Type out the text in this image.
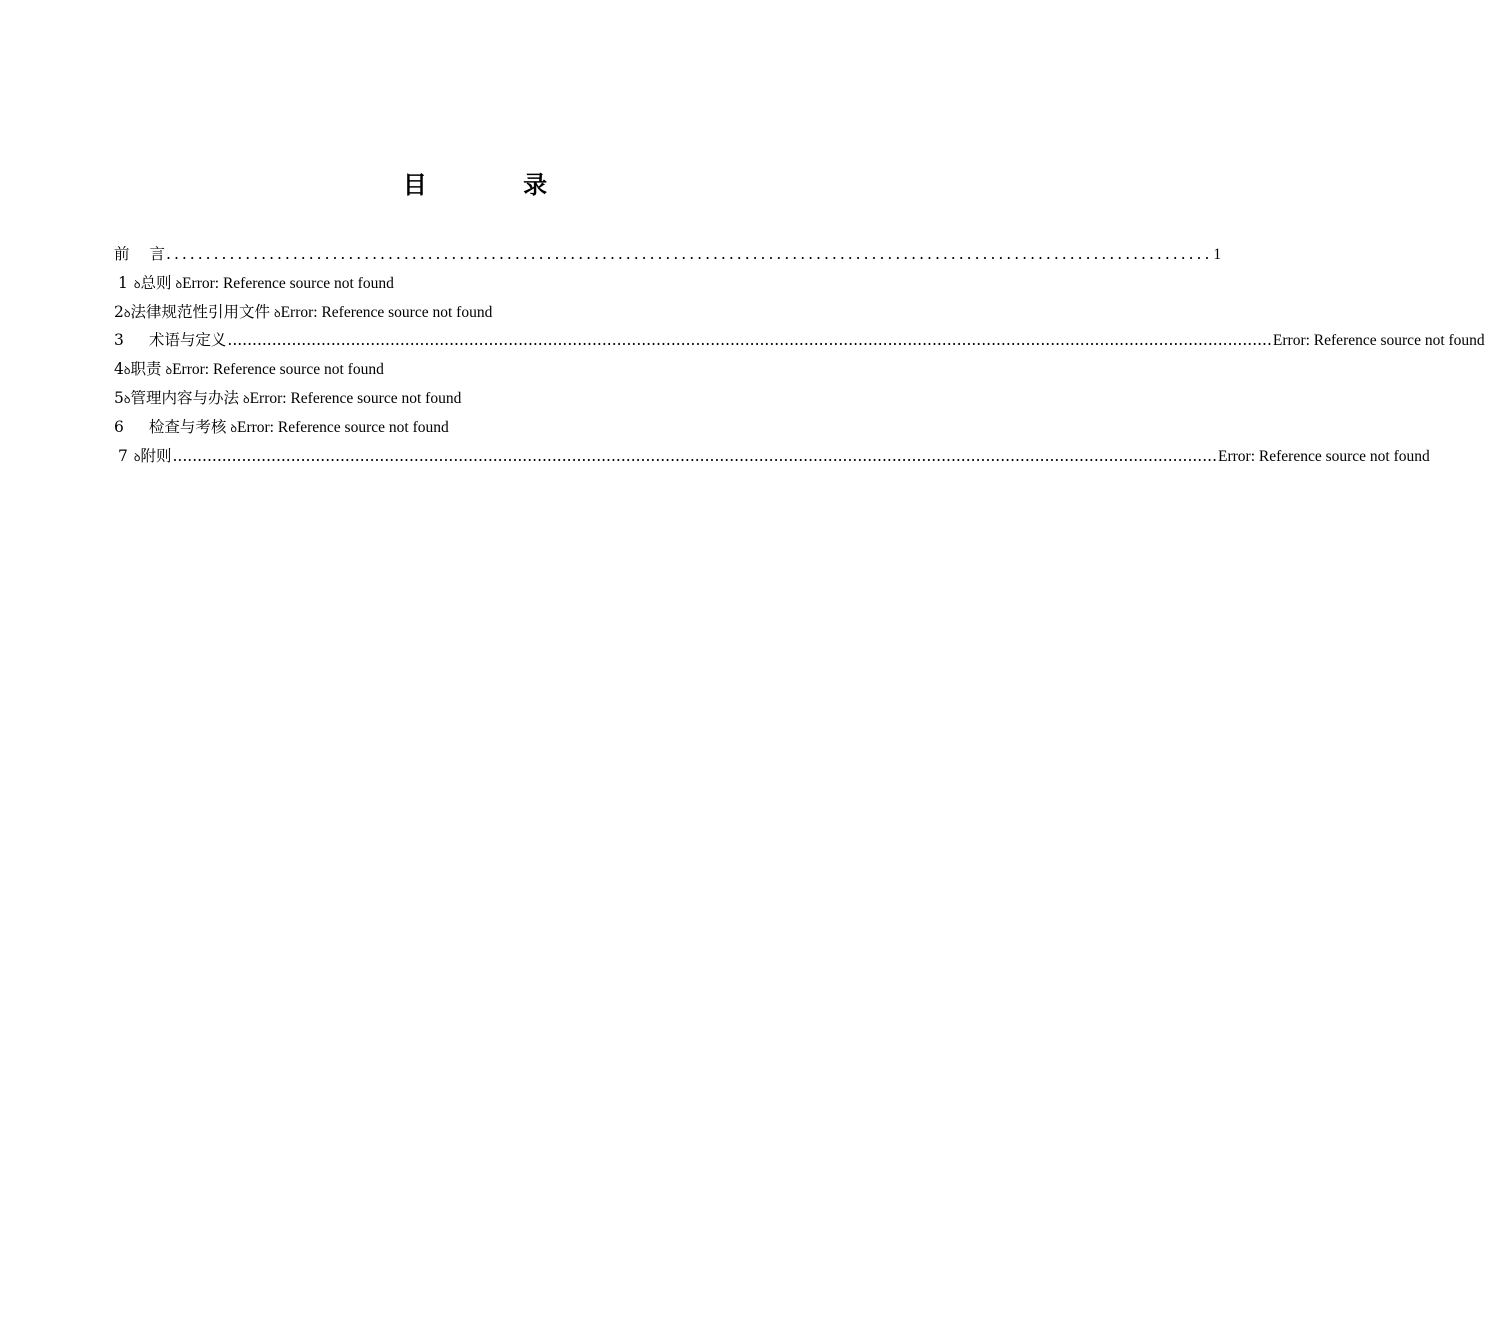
目 录
前	言 .................................................................................................................................... 1
1 ꝺ总则 ꝺError: Reference source not found
2ꝺ法律规范性引用文件 ꝺError: Reference source not found
3	术语与定义 .................................................................................................................................................................................................................... Error: Reference source not found
4ꝺ职责 ꝺError: Reference source not found
5ꝺ管理内容与办法 ꝺError: Reference source not found
6 检查与考核 ꝺError: Reference source not found
7 ꝺ 附则 .................................................................................................................................................................................................................... Error: Reference source not found
